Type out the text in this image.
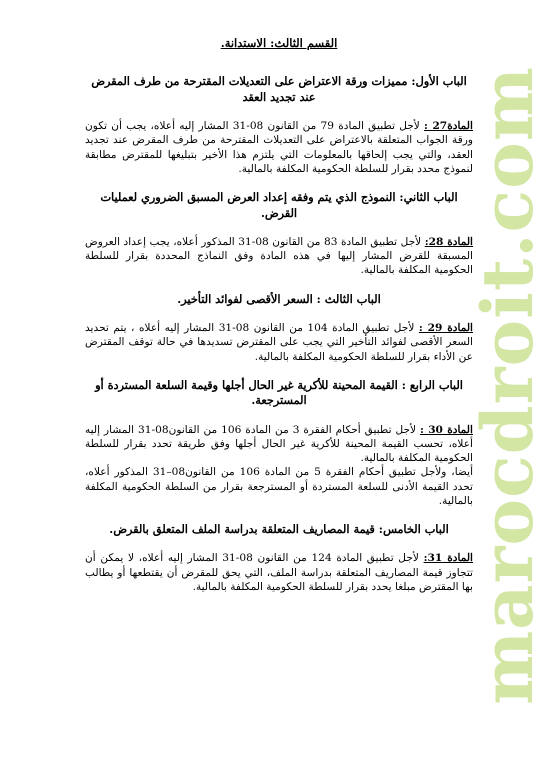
marocdroit.com
القسم الثالث: الاستدانة.
الباب الأول: مميزات ورقة الاعتراض على التعديلات المقترحة من طرف المقرض عند تجديد العقد

المادة27 : لأجل تطبيق المادة 79 من القانون 08-31 المشار إليه أعلاه، يجب أن تكون ورقة الجواب المتعلقة بالاعتراض على التعديلات المقترحة من طرف المقرض عند تجديد العقد، والتي يجب إلحاقها بالمعلومات التي يلتزم هذا الأخير بتبليغها للمقترض مطابقة لنموذج محدد بقرار للسلطة الحكومية المكلفة بالمالية.

الباب الثاني: النموذج الذي يتم وفقه إعداد العرض المسبق الضروري لعمليات القرض.

المادة 28: لأجل تطبيق المادة 83 من القانون 08-31 المذكور أعلاه، يجب إعداد العروض المسبقة للقرض المشار إليها في هذه المادة وفق النماذج المحددة بقرار للسلطة الحكومية المكلفة بالمالية.

الباب الثالث : السعر الأقصى لفوائد التأخير.

المادة 29 : لأجل تطبيق المادة 104 من القانون 08-31 المشار إليه أعلاه ، يتم تحديد السعر الأقصى لفوائد التأخير التي يجب على المقترض تسديدها في حالة توقف المقترض عن الأداء بقرار للسلطة الحكومية المكلفة بالمالية.

الباب الرابع : القيمة المحينة للأكرية غير الحال أجلها وقيمة السلعة المستردة أو المسترجعة.

المادة 30 : لأجل تطبيق أحكام الفقرة 3 من المادة 106 من القانون08-31 المشار إليه أعلاه، تحسب القيمة المحينة للأكرية غير الحال أجلها وفق طريقة تحدد بقرار للسلطة الحكومية المكلفة بالمالية.

أيضا، ولأجل تطبيق أحكام الفقرة 5 من المادة 106 من القانون08–31 المذكور أعلاه، تحدد القيمة الأدنى للسلعة المستردة أو المسترجعة بقرار من السلطة الحكومية المكلفة بالمالية.

الباب الخامس: قيمة المصاريف المتعلقة بدراسة الملف المتعلق بالقرض.

المادة 31: لأجل تطبيق المادة 124 من القانون 08-31 المشار إليه أعلاه، لا يمكن أن تتجاوز قيمة المصاريف المتعلقة بدراسة الملف، التي يحق للمقرض أن يقتطعها أو يطالب بها المقترض مبلغا يحدد بقرار للسلطة الحكومية المكلفة بالمالية.
